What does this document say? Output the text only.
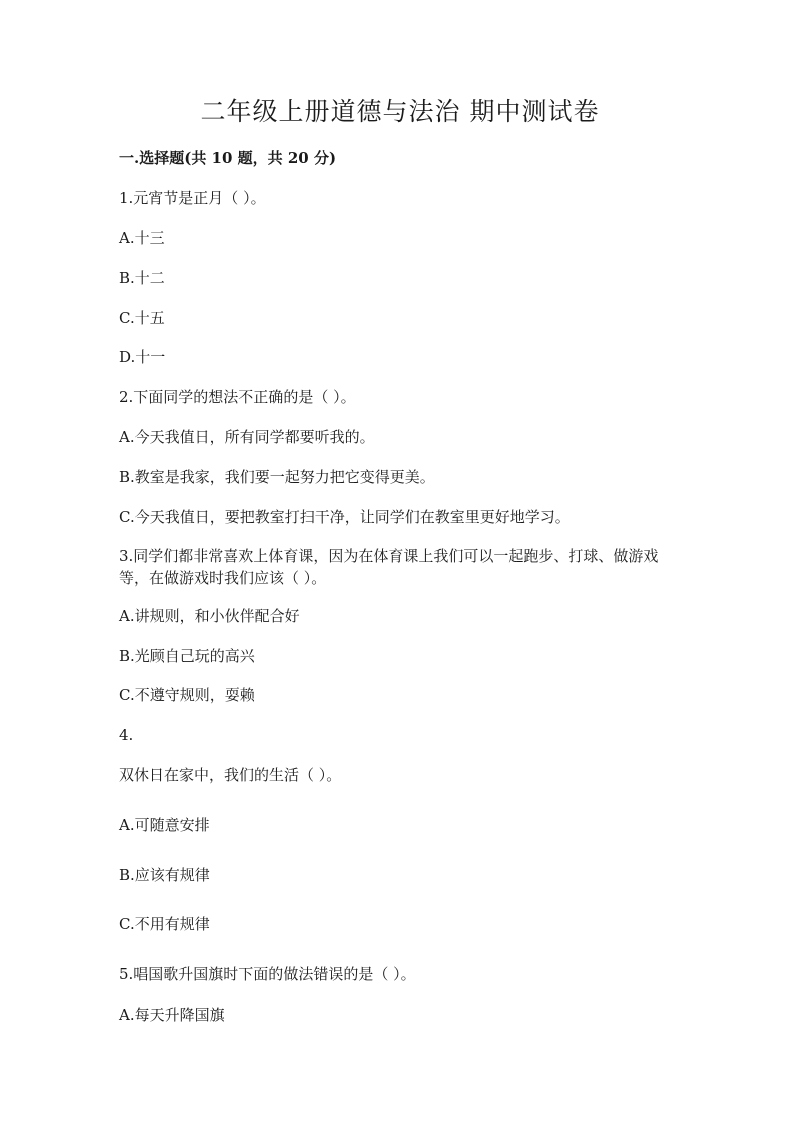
二年级上册道德与法治 期中测试卷

一.选择题(共 10 题，共 20 分)

1.元宵节是正月（ ）。

A.十三

B.十二

C.十五

D.十一

2.下面同学的想法不正确的是（ ）。

A.今天我值日，所有同学都要听我的。

B.教室是我家，我们要一起努力把它变得更美。

C.今天我值日，要把教室打扫干净，让同学们在教室里更好地学习。

3.同学们都非常喜欢上体育课，因为在体育课上我们可以一起跑步、打球、做游戏等，在做游戏时我们应该（ ）。

A.讲规则，和小伙伴配合好

B.光顾自己玩的高兴

C.不遵守规则，耍赖

4.

双休日在家中，我们的生活（ ）。

A.可随意安排

B.应该有规律

C.不用有规律

5.唱国歌升国旗时下面的做法错误的是（ ）。

A.每天升降国旗
